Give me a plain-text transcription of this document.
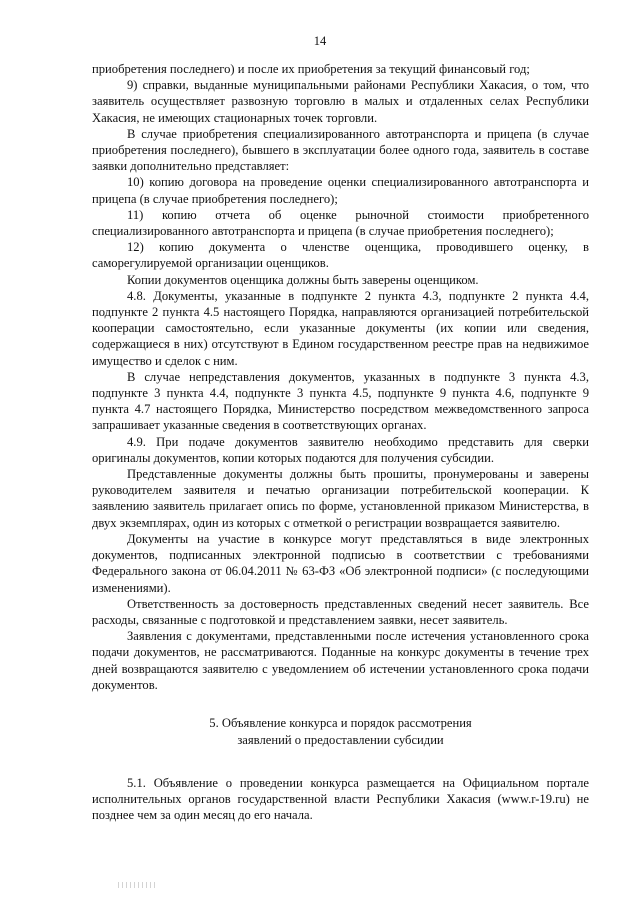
14

приобретения последнего) и после их приобретения за текущий финансовый год;

9) справки, выданные муниципальными районами Республики Хакасия, о том, что заявитель осуществляет развозную торговлю в малых и отдаленных селах Республики Хакасия, не имеющих стационарных точек торговли.

В случае приобретения специализированного автотранспорта и прицепа (в случае приобретения последнего), бывшего в эксплуатации более одного года, заявитель в составе заявки дополнительно представляет:

10) копию договора на проведение оценки специализированного автотранспорта и прицепа (в случае приобретения последнего);

11) копию отчета об оценке рыночной стоимости приобретенного специализированного автотранспорта и прицепа (в случае приобретения последнего);

12) копию документа о членстве оценщика, проводившего оценку, в саморегулируемой организации оценщиков.

Копии документов оценщика должны быть заверены оценщиком.

4.8. Документы, указанные в подпункте 2 пункта 4.3, подпункте 2 пункта 4.4, подпункте 2 пункта 4.5 настоящего Порядка, направляются организацией потребительской кооперации самостоятельно, если указанные документы (их копии или сведения, содержащиеся в них) отсутствуют в Едином государственном реестре прав на недвижимое имущество и сделок с ним.

В случае непредставления документов, указанных в подпункте 3 пункта 4.3, подпункте 3 пункта 4.4, подпункте 3 пункта 4.5, подпункте 9 пункта 4.6, подпункте 9 пункта 4.7 настоящего Порядка, Министерство посредством межведомственного запроса запрашивает указанные сведения в соответствующих органах.

4.9. При подаче документов заявителю необходимо представить для сверки оригиналы документов, копии которых подаются для получения субсидии.

Представленные документы должны быть прошиты, пронумерованы и заверены руководителем заявителя и печатью организации потребительской кооперации. К заявлению заявитель прилагает опись по форме, установленной приказом Министерства, в двух экземплярах, один из которых с отметкой о регистрации возвращается заявителю.

Документы на участие в конкурсе могут представляться в виде электронных документов, подписанных электронной подписью в соответствии с требованиями Федерального закона от 06.04.2011 № 63-ФЗ «Об электронной подписи» (с последующими изменениями).

Ответственность за достоверность представленных сведений несет заявитель. Все расходы, связанные с подготовкой и представлением заявки, несет заявитель.

Заявления с документами, представленными после истечения установленного срока подачи документов, не рассматриваются. Поданные на конкурс документы в течение трех дней возвращаются заявителю с уведомлением об истечении установленного срока подачи документов.

5. Объявление конкурса и порядок рассмотрения
заявлений о предоставлении субсидии

5.1. Объявление о проведении конкурса размещается на Официальном портале исполнительных органов государственной власти Республики Хакасия (www.r-19.ru) не позднее чем за один месяц до его начала.
